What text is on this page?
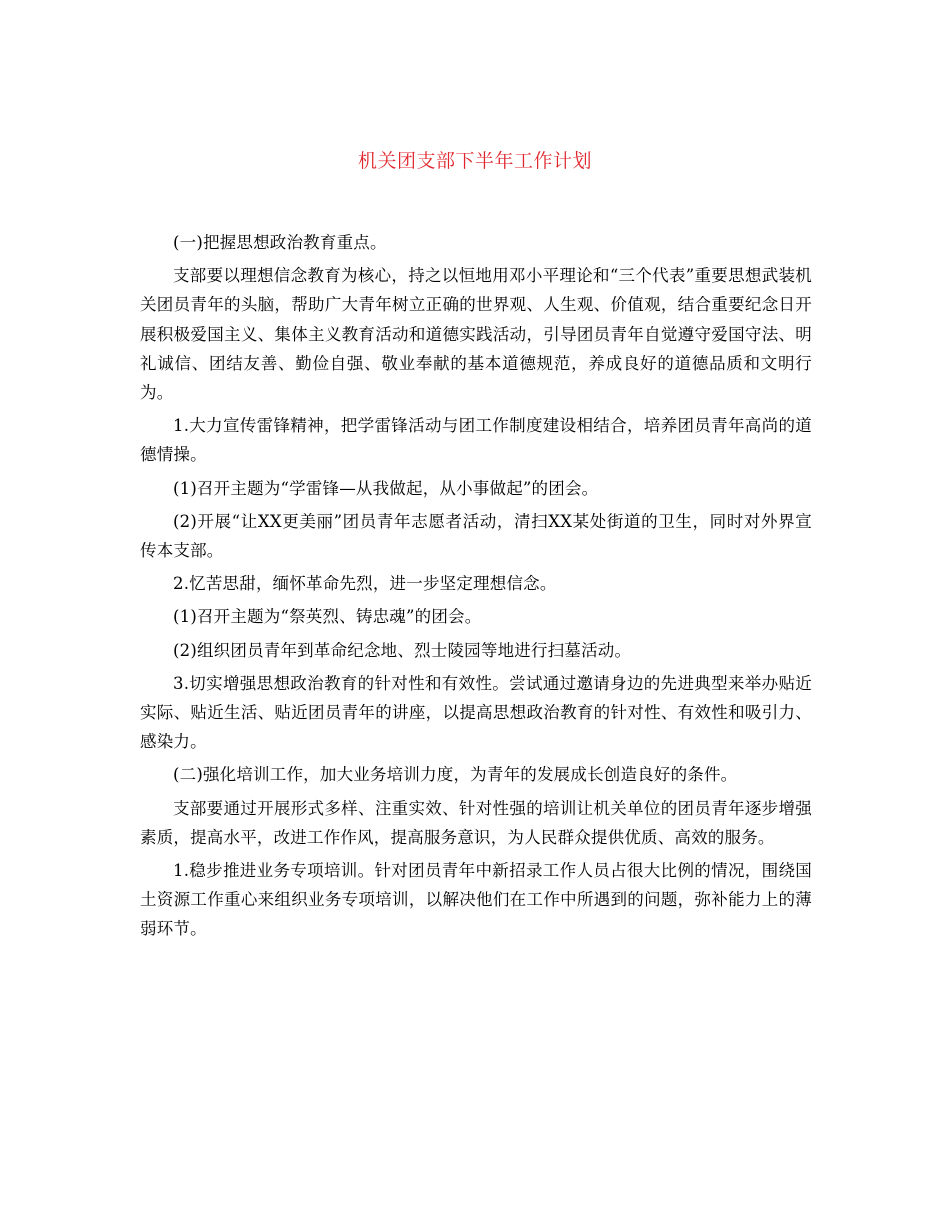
机关团支部下半年工作计划

(一)把握思想政治教育重点。

支部要以理想信念教育为核心，持之以恒地用邓小平理论和“三个代表”重要思想武装机关团员青年的头脑，帮助广大青年树立正确的世界观、人生观、价值观，结合重要纪念日开展积极爱国主义、集体主义教育活动和道德实践活动，引导团员青年自觉遵守爱国守法、明礼诚信、团结友善、勤俭自强、敬业奉献的基本道德规范，养成良好的道德品质和文明行为。

1.大力宣传雷锋精神，把学雷锋活动与团工作制度建设相结合，培养团员青年高尚的道德情操。

(1)召开主题为“学雷锋—从我做起，从小事做起”的团会。

(2)开展“让XX更美丽”团员青年志愿者活动，清扫XX某处街道的卫生，同时对外界宣传本支部。

2.忆苦思甜，缅怀革命先烈，进一步坚定理想信念。

(1)召开主题为“祭英烈、铸忠魂”的团会。

(2)组织团员青年到革命纪念地、烈士陵园等地进行扫墓活动。

3.切实增强思想政治教育的针对性和有效性。尝试通过邀请身边的先进典型来举办贴近实际、贴近生活、贴近团员青年的讲座，以提高思想政治教育的针对性、有效性和吸引力、感染力。

(二)强化培训工作，加大业务培训力度，为青年的发展成长创造良好的条件。

支部要通过开展形式多样、注重实效、针对性强的培训让机关单位的团员青年逐步增强素质，提高水平，改进工作作风，提高服务意识，为人民群众提供优质、高效的服务。

1.稳步推进业务专项培训。针对团员青年中新招录工作人员占很大比例的情况，围绕国土资源工作重心来组织业务专项培训，以解决他们在工作中所遇到的问题，弥补能力上的薄弱环节。
